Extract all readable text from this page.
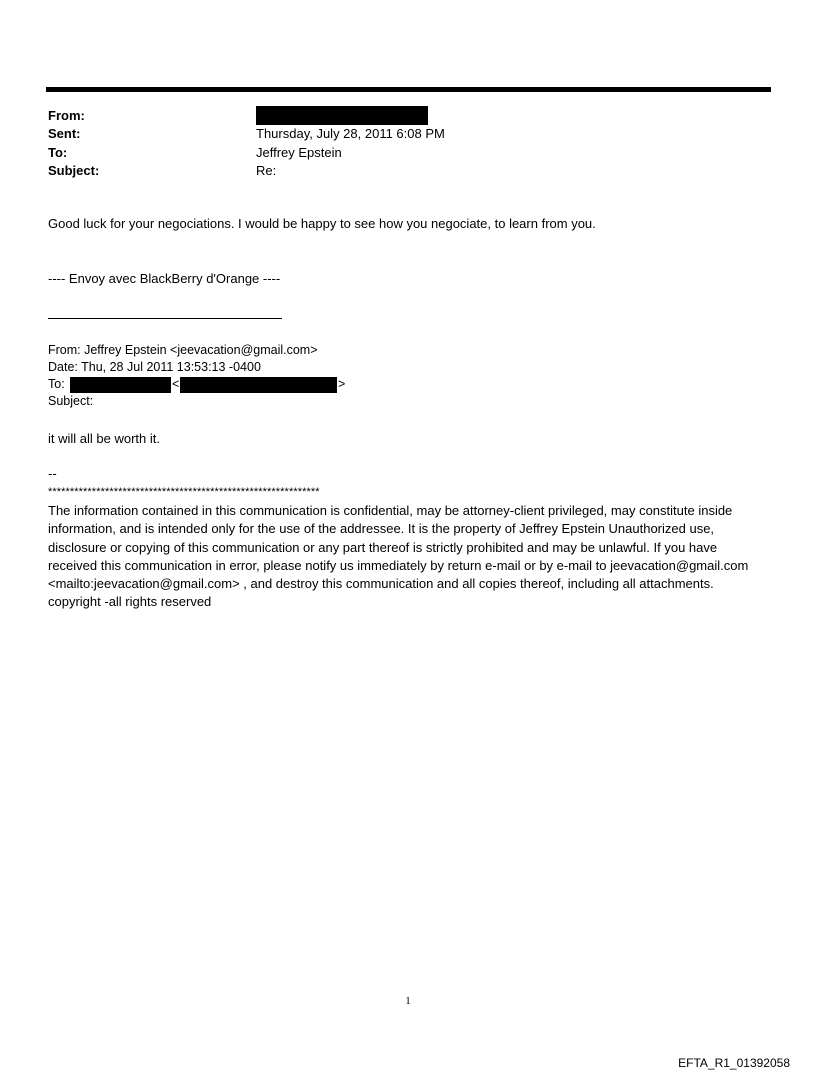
From:
Sent:	Thursday, July 28, 2011 6:08 PM
To:	Jeffrey Epstein
Subject:	Re:
Good luck for your negociations. I would be happy to see how you negociate, to learn from you.
---- Envoy avec BlackBerry d'Orange ----
From: Jeffrey Epstein <jeevacation@gmail.com>
Date: Thu, 28 Jul 2011 13:53:13 -0400
To:	<	>
Subject:
it will all be worth it.
--
**************************************************************
The information contained in this communication is confidential, may be attorney-client privileged, may constitute inside information, and is intended only for the use of the addressee. It is the property of Jeffrey Epstein Unauthorized use, disclosure or copying of this communication or any part thereof is strictly prohibited and may be unlawful. If you have received this communication in error, please notify us immediately by return e-mail or by e-mail to jeevacation@gmail.com <mailto:jeevacation@gmail.com> , and destroy this communication and all copies thereof, including all attachments. copyright -all rights reserved
1
EFTA_R1_01392058
